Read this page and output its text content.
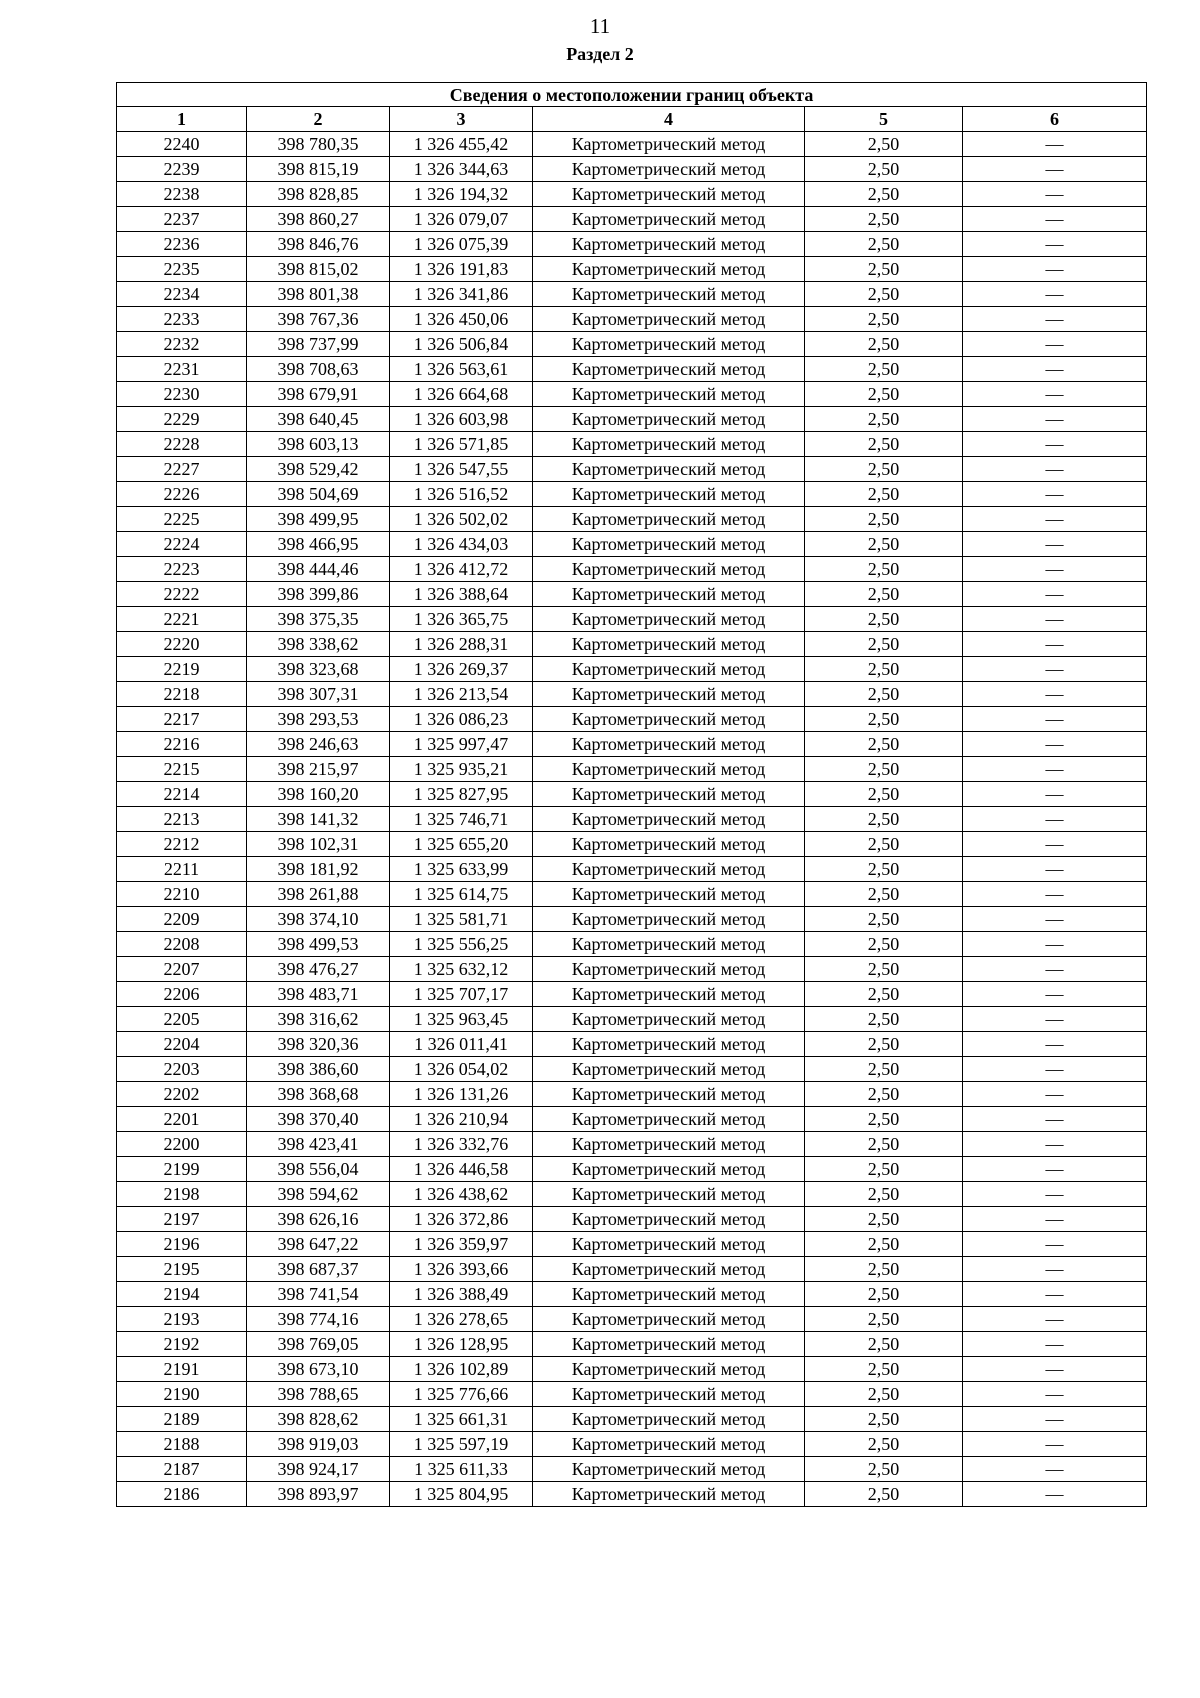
11
Раздел 2
Сведения о местоположении границ объекта					
1	2	3	4	5	6
2240	398 780,35	1 326 455,42	Картометрический метод	2,50	—
2239	398 815,19	1 326 344,63	Картометрический метод	2,50	—
2238	398 828,85	1 326 194,32	Картометрический метод	2,50	—
2237	398 860,27	1 326 079,07	Картометрический метод	2,50	—
2236	398 846,76	1 326 075,39	Картометрический метод	2,50	—
2235	398 815,02	1 326 191,83	Картометрический метод	2,50	—
2234	398 801,38	1 326 341,86	Картометрический метод	2,50	—
2233	398 767,36	1 326 450,06	Картометрический метод	2,50	—
2232	398 737,99	1 326 506,84	Картометрический метод	2,50	—
2231	398 708,63	1 326 563,61	Картометрический метод	2,50	—
2230	398 679,91	1 326 664,68	Картометрический метод	2,50	—
2229	398 640,45	1 326 603,98	Картометрический метод	2,50	—
2228	398 603,13	1 326 571,85	Картометрический метод	2,50	—
2227	398 529,42	1 326 547,55	Картометрический метод	2,50	—
2226	398 504,69	1 326 516,52	Картометрический метод	2,50	—
2225	398 499,95	1 326 502,02	Картометрический метод	2,50	—
2224	398 466,95	1 326 434,03	Картометрический метод	2,50	—
2223	398 444,46	1 326 412,72	Картометрический метод	2,50	—
2222	398 399,86	1 326 388,64	Картометрический метод	2,50	—
2221	398 375,35	1 326 365,75	Картометрический метод	2,50	—
2220	398 338,62	1 326 288,31	Картометрический метод	2,50	—
2219	398 323,68	1 326 269,37	Картометрический метод	2,50	—
2218	398 307,31	1 326 213,54	Картометрический метод	2,50	—
2217	398 293,53	1 326 086,23	Картометрический метод	2,50	—
2216	398 246,63	1 325 997,47	Картометрический метод	2,50	—
2215	398 215,97	1 325 935,21	Картометрический метод	2,50	—
2214	398 160,20	1 325 827,95	Картометрический метод	2,50	—
2213	398 141,32	1 325 746,71	Картометрический метод	2,50	—
2212	398 102,31	1 325 655,20	Картометрический метод	2,50	—
2211	398 181,92	1 325 633,99	Картометрический метод	2,50	—
2210	398 261,88	1 325 614,75	Картометрический метод	2,50	—
2209	398 374,10	1 325 581,71	Картометрический метод	2,50	—
2208	398 499,53	1 325 556,25	Картометрический метод	2,50	—
2207	398 476,27	1 325 632,12	Картометрический метод	2,50	—
2206	398 483,71	1 325 707,17	Картометрический метод	2,50	—
2205	398 316,62	1 325 963,45	Картометрический метод	2,50	—
2204	398 320,36	1 326 011,41	Картометрический метод	2,50	—
2203	398 386,60	1 326 054,02	Картометрический метод	2,50	—
2202	398 368,68	1 326 131,26	Картометрический метод	2,50	—
2201	398 370,40	1 326 210,94	Картометрический метод	2,50	—
2200	398 423,41	1 326 332,76	Картометрический метод	2,50	—
2199	398 556,04	1 326 446,58	Картометрический метод	2,50	—
2198	398 594,62	1 326 438,62	Картометрический метод	2,50	—
2197	398 626,16	1 326 372,86	Картометрический метод	2,50	—
2196	398 647,22	1 326 359,97	Картометрический метод	2,50	—
2195	398 687,37	1 326 393,66	Картометрический метод	2,50	—
2194	398 741,54	1 326 388,49	Картометрический метод	2,50	—
2193	398 774,16	1 326 278,65	Картометрический метод	2,50	—
2192	398 769,05	1 326 128,95	Картометрический метод	2,50	—
2191	398 673,10	1 326 102,89	Картометрический метод	2,50	—
2190	398 788,65	1 325 776,66	Картометрический метод	2,50	—
2189	398 828,62	1 325 661,31	Картометрический метод	2,50	—
2188	398 919,03	1 325 597,19	Картометрический метод	2,50	—
2187	398 924,17	1 325 611,33	Картометрический метод	2,50	—
2186	398 893,97	1 325 804,95	Картометрический метод	2,50	—
